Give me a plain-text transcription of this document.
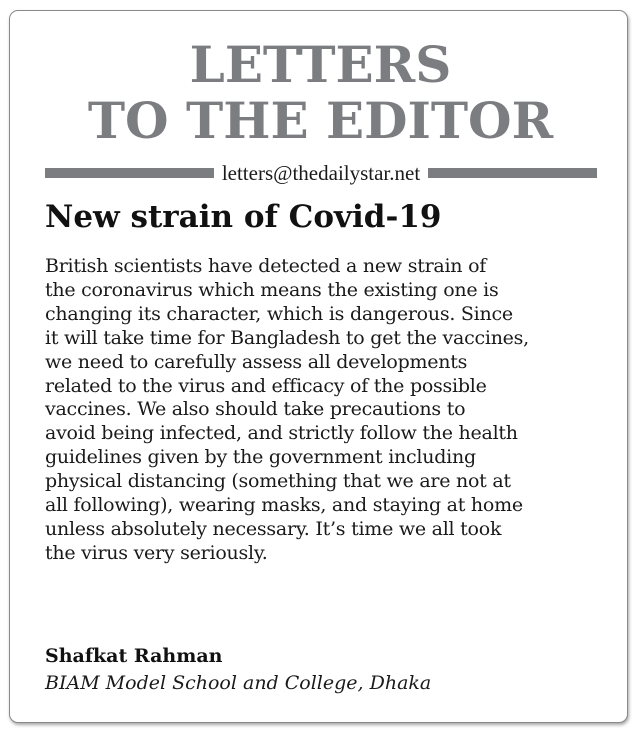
LETTERS
TO THE EDITOR
letters@thedailystar.net
New strain of Covid-19

British scientists have detected a new strain of
the coronavirus which means the existing one is
changing its character, which is dangerous. Since
it will take time for Bangladesh to get the vaccines,
we need to carefully assess all developments
related to the virus and efficacy of the possible
vaccines. We also should take precautions to
avoid being infected, and strictly follow the health
guidelines given by the government including
physical distancing (something that we are not at
all following), wearing masks, and staying at home
unless absolutely necessary. It’s time we all took
the virus very seriously.

Shafkat Rahman

BIAM Model School and College, Dhaka
